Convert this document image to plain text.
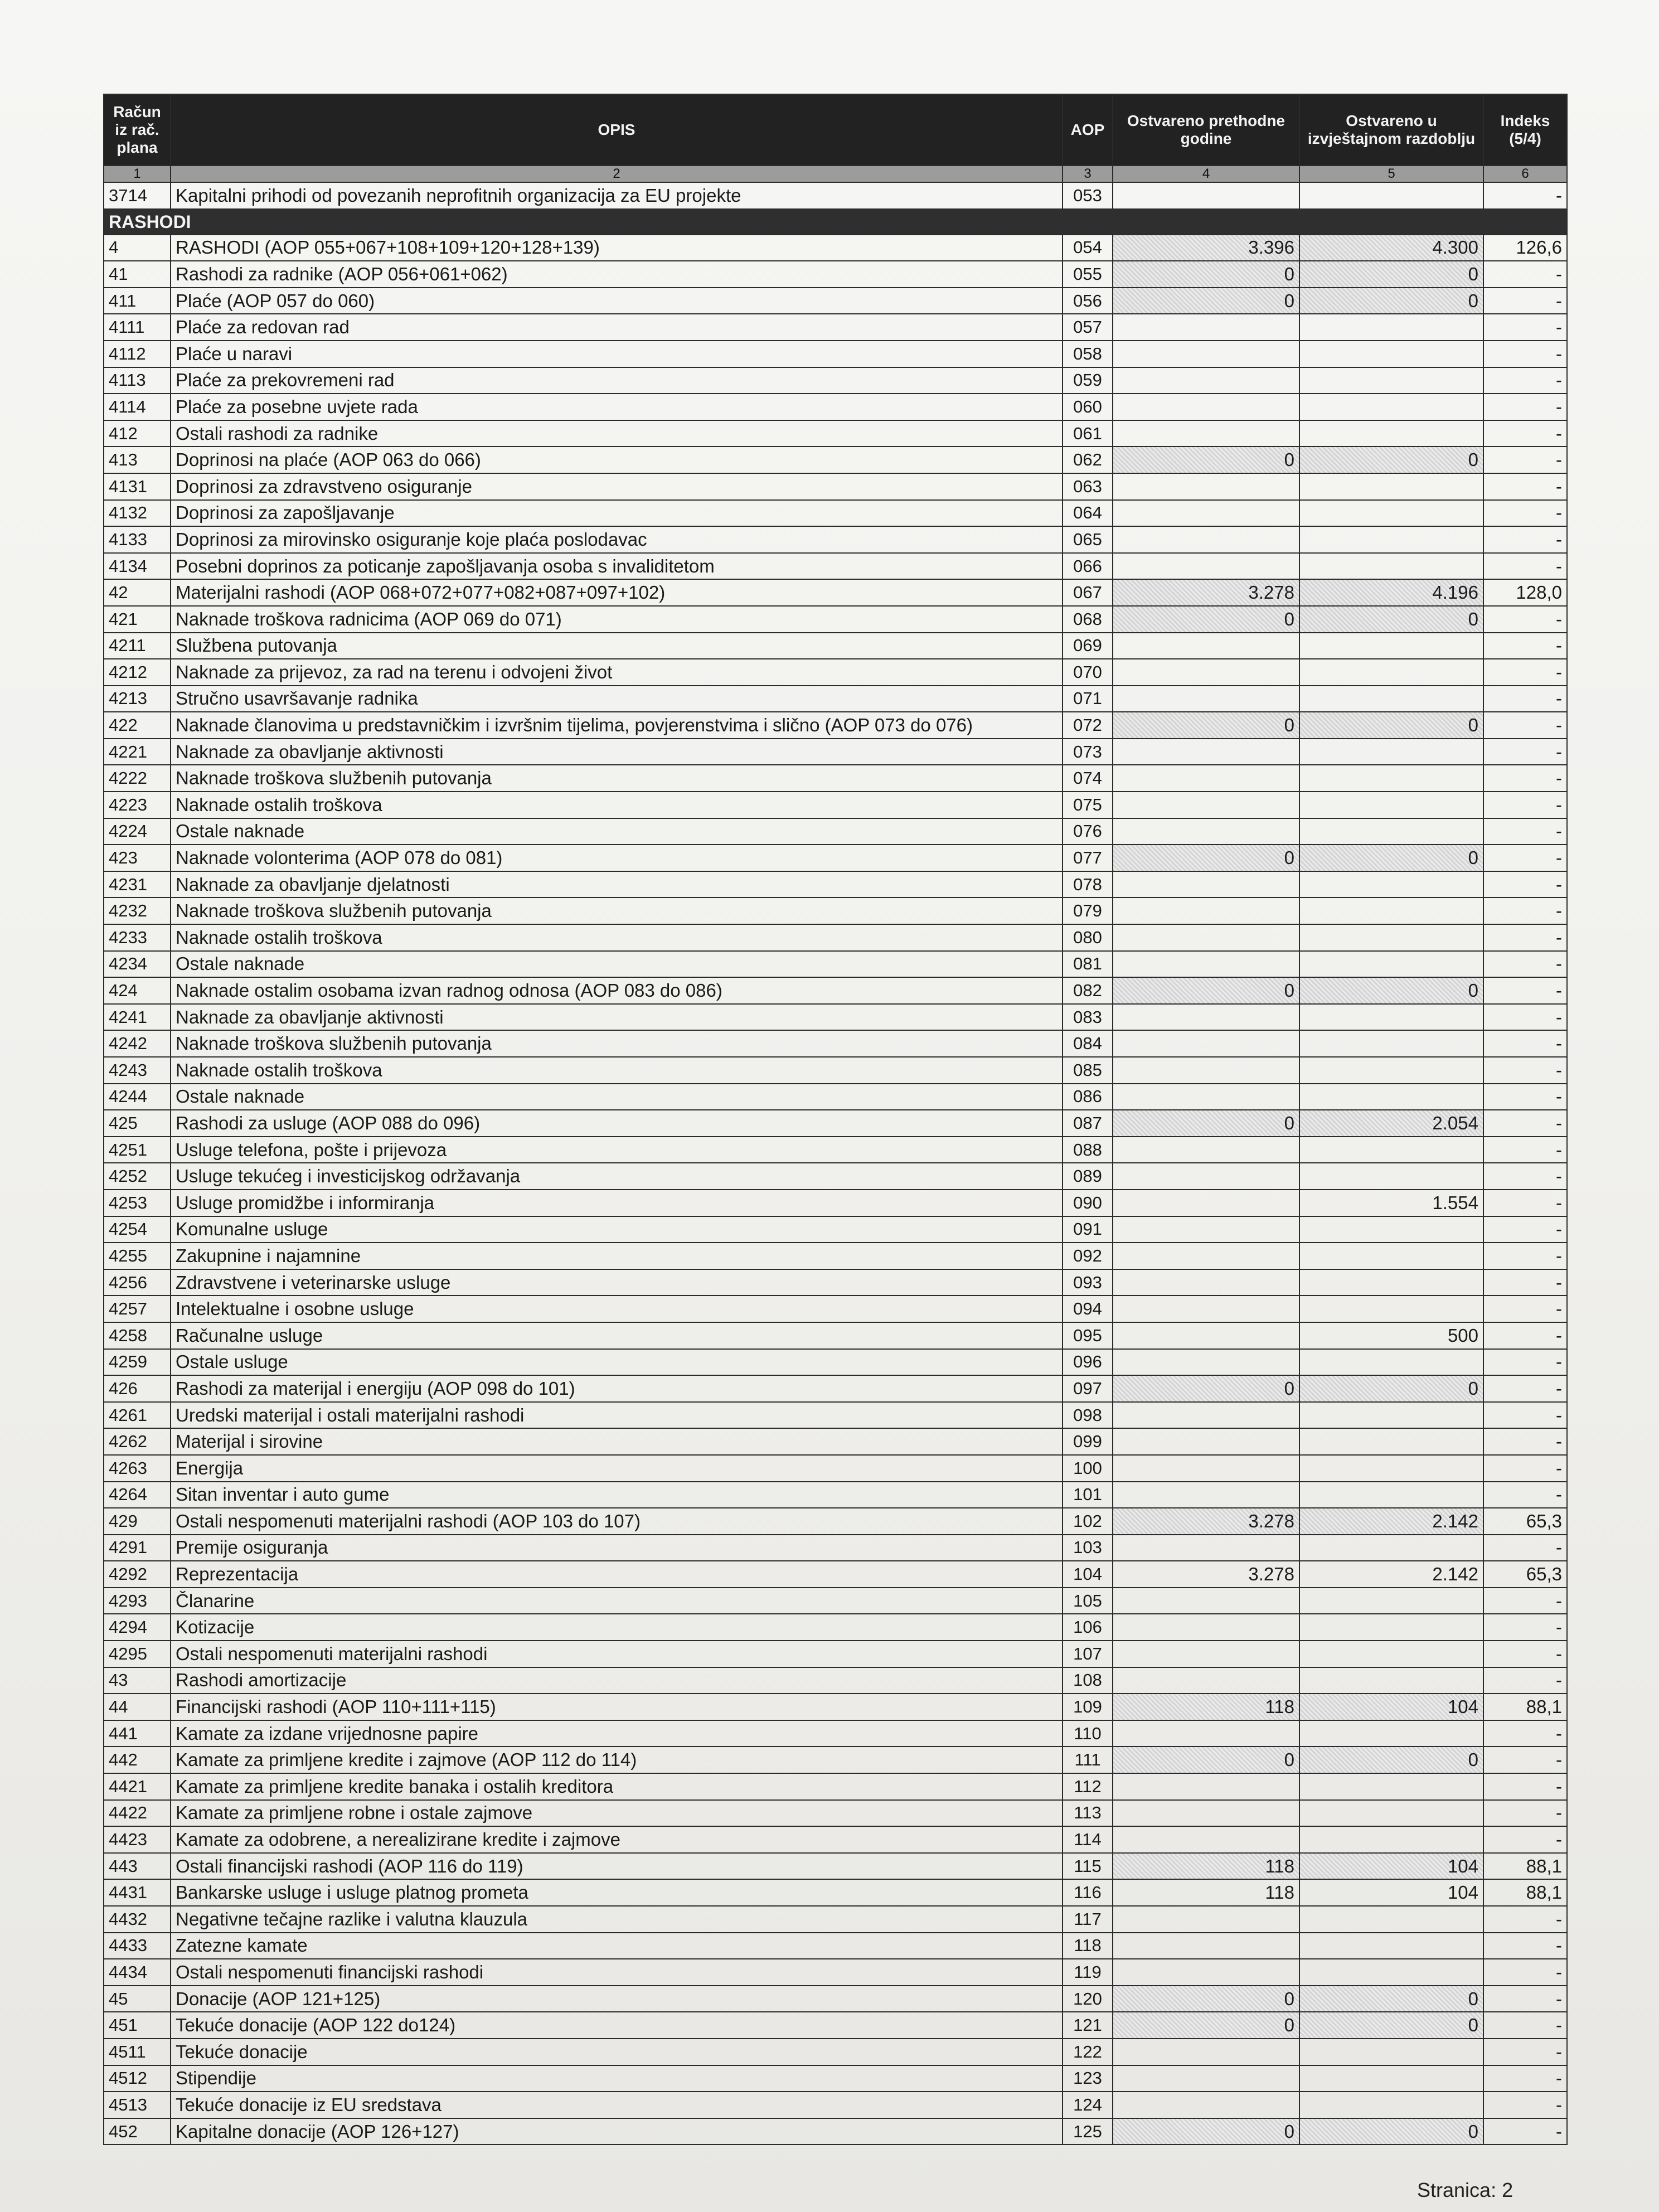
Račun iz rač. plana	OPIS	AOP	Ostvareno prethodne godine	Ostvareno u izvještajnom razdoblju	Indeks (5/4)
1	2	3	4	5	6
3714	Kapitalni prihodi od povezanih neprofitnih organizacija za EU projekte	053			-
RASHODI					
4	RASHODI (AOP 055+067+108+109+120+128+139)	054	3.396	4.300	126,6
41	Rashodi za radnike (AOP 056+061+062)	055	0	0	-
411	Plaće (AOP 057 do 060)	056	0	0	-
4111	Plaće za redovan rad	057			-
4112	Plaće u naravi	058			-
4113	Plaće za prekovremeni rad	059			-
4114	Plaće za posebne uvjete rada	060			-
412	Ostali rashodi za radnike	061			-
413	Doprinosi na plaće (AOP 063 do 066)	062	0	0	-
4131	Doprinosi za zdravstveno osiguranje	063			-
4132	Doprinosi za zapošljavanje	064			-
4133	Doprinosi za mirovinsko osiguranje koje plaća poslodavac	065			-
4134	Posebni doprinos za poticanje zapošljavanja osoba s invaliditetom	066			-
42	Materijalni rashodi (AOP 068+072+077+082+087+097+102)	067	3.278	4.196	128,0
421	Naknade troškova radnicima (AOP 069 do 071)	068	0	0	-
4211	Službena putovanja	069			-
4212	Naknade za prijevoz, za rad na terenu i odvojeni život	070			-
4213	Stručno usavršavanje radnika	071			-
422	Naknade članovima u predstavničkim i izvršnim tijelima, povjerenstvima i slično (AOP 073 do 076)	072	0	0	-
4221	Naknade za obavljanje aktivnosti	073			-
4222	Naknade troškova službenih putovanja	074			-
4223	Naknade ostalih troškova	075			-
4224	Ostale naknade	076			-
423	Naknade volonterima (AOP 078 do 081)	077	0	0	-
4231	Naknade za obavljanje djelatnosti	078			-
4232	Naknade troškova službenih putovanja	079			-
4233	Naknade ostalih troškova	080			-
4234	Ostale naknade	081			-
424	Naknade ostalim osobama izvan radnog odnosa (AOP 083 do 086)	082	0	0	-
4241	Naknade za obavljanje aktivnosti	083			-
4242	Naknade troškova službenih putovanja	084			-
4243	Naknade ostalih troškova	085			-
4244	Ostale naknade	086			-
425	Rashodi za usluge (AOP 088 do 096)	087	0	2.054	-
4251	Usluge telefona, pošte i prijevoza	088			-
4252	Usluge tekućeg i investicijskog održavanja	089			-
4253	Usluge promidžbe i informiranja	090		1.554	-
4254	Komunalne usluge	091			-
4255	Zakupnine i najamnine	092			-
4256	Zdravstvene i veterinarske usluge	093			-
4257	Intelektualne i osobne usluge	094			-
4258	Računalne usluge	095		500	-
4259	Ostale usluge	096			-
426	Rashodi za materijal i energiju (AOP 098 do 101)	097	0	0	-
4261	Uredski materijal i ostali materijalni rashodi	098			-
4262	Materijal i sirovine	099			-
4263	Energija	100			-
4264	Sitan inventar i auto gume	101			-
429	Ostali nespomenuti materijalni rashodi (AOP 103 do 107)	102	3.278	2.142	65,3
4291	Premije osiguranja	103			-
4292	Reprezentacija	104	3.278	2.142	65,3
4293	Članarine	105			-
4294	Kotizacije	106			-
4295	Ostali nespomenuti materijalni rashodi	107			-
43	Rashodi amortizacije	108			-
44	Financijski rashodi (AOP 110+111+115)	109	118	104	88,1
441	Kamate za izdane vrijednosne papire	110			-
442	Kamate za primljene kredite i zajmove (AOP 112 do 114)	111	0	0	-
4421	Kamate za primljene kredite banaka i ostalih kreditora	112			-
4422	Kamate za primljene robne i ostale zajmove	113			-
4423	Kamate za odobrene, a nerealizirane kredite i zajmove	114			-
443	Ostali financijski rashodi (AOP 116 do 119)	115	118	104	88,1
4431	Bankarske usluge i usluge platnog prometa	116	118	104	88,1
4432	Negativne tečajne razlike i valutna klauzula	117			-
4433	Zatezne kamate	118			-
4434	Ostali nespomenuti financijski rashodi	119			-
45	Donacije (AOP 121+125)	120	0	0	-
451	Tekuće donacije (AOP 122 do124)	121	0	0	-
4511	Tekuće donacije	122			-
4512	Stipendije	123			-
4513	Tekuće donacije iz EU sredstava	124			-
452	Kapitalne donacije (AOP 126+127)	125	0	0	-
Stranica: 2
